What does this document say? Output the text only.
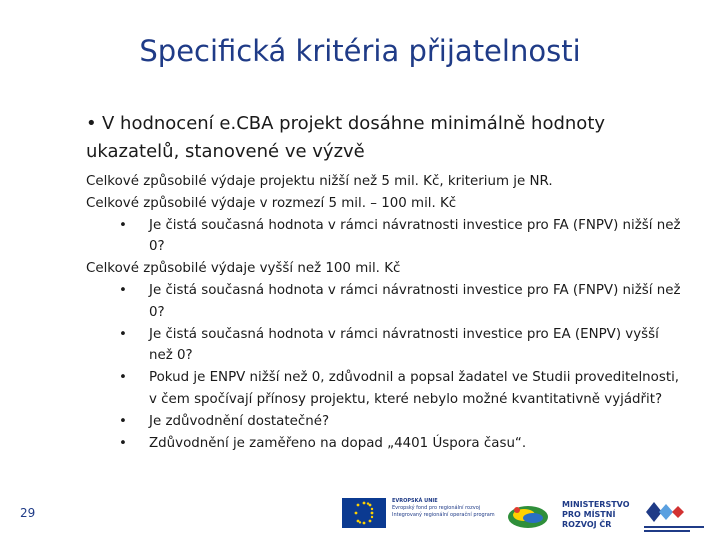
Specifická kritéria přijatelnosti
• V hodnocení e.CBA projekt dosáhne minimálně hodnoty
ukazatelů, stanovené ve výzvě
Celkové způsobilé výdaje projektu nižší než 5 mil. Kč, kriterium je NR.
Celkové způsobilé výdaje v rozmezí 5 mil. – 100 mil. Kč
•	Je čistá současná hodnota v rámci návratnosti investice pro FA (FNPV) nižší než
0?
Celkové způsobilé výdaje vyšší než 100 mil. Kč
•	Je čistá současná hodnota v rámci návratnosti investice pro FA (FNPV) nižší než
0?
•	Je čistá současná hodnota v rámci návratnosti investice pro EA (ENPV) vyšší
než 0?
•	Pokud je ENPV nižší než 0, zdůvodnil a popsal žadatel ve Studii proveditelnosti,
v čem spočívají přínosy projektu, které nebylo možné kvantitativně vyjádřit?
•	Je zdůvodnění dostatečné?
•	Zdůvodnění je zaměřeno na dopad „4401 Úspora času“.
29
EVROPSKÁ UNIE
Evropský fond pro regionální rozvoj
Integrovaný regionální operační program
MINISTERSTVO
PRO MÍSTNÍ
ROZVOJ ČR
